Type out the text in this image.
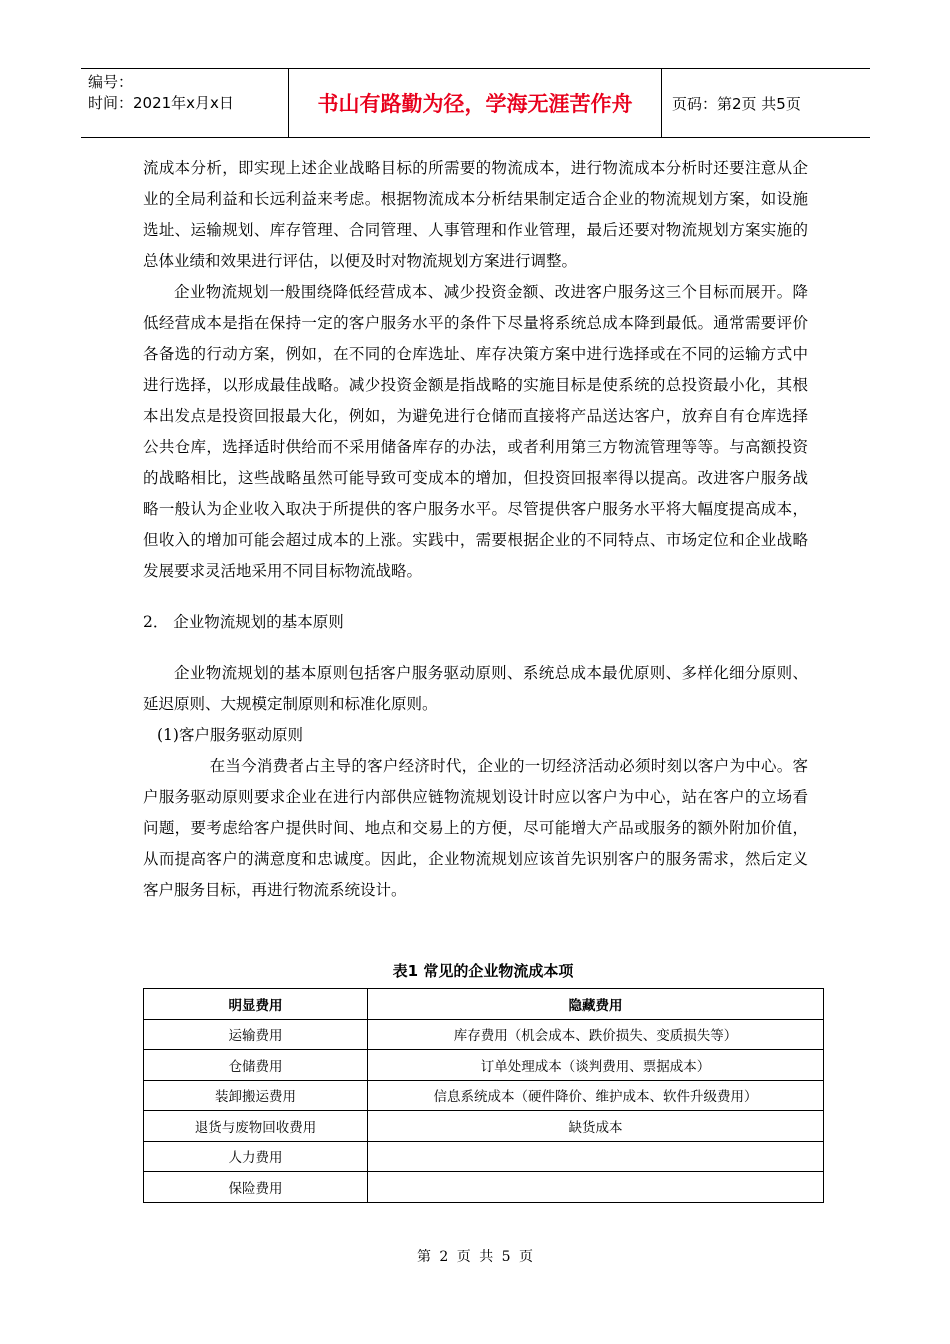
编号：
时间：2021年x月x日	书山有路勤为径，学海无涯苦作舟	页码：第2页 共5页

流成本分析，即实现上述企业战略目标的所需要的物流成本，进行物流成本分析时还要注意从企业的全局利益和长远利益来考虑。根据物流成本分析结果制定适合企业的物流规划方案，如设施选址、运输规划、库存管理、合同管理、人事管理和作业管理，最后还要对物流规划方案实施的总体业绩和效果进行评估，以便及时对物流规划方案进行调整。

企业物流规划一般围绕降低经营成本、减少投资金额、改进客户服务这三个目标而展开。降低经营成本是指在保持一定的客户服务水平的条件下尽量将系统总成本降到最低。通常需要评价各备选的行动方案，例如，在不同的仓库选址、库存决策方案中进行选择或在不同的运输方式中进行选择，以形成最佳战略。减少投资金额是指战略的实施目标是使系统的总投资最小化，其根本出发点是投资回报最大化，例如，为避免进行仓储而直接将产品送达客户，放弃自有仓库选择公共仓库，选择适时供给而不采用储备库存的办法，或者利用第三方物流管理等等。与高额投资的战略相比，这些战略虽然可能导致可变成本的增加，但投资回报率得以提高。改进客户服务战略一般认为企业收入取决于所提供的客户服务水平。尽管提供客户服务水平将大幅度提高成本，但收入的增加可能会超过成本的上涨。实践中，需要根据企业的不同特点、市场定位和企业战略发展要求灵活地采用不同目标物流战略。

2． 企业物流规划的基本原则

企业物流规划的基本原则包括客户服务驱动原则、系统总成本最优原则、多样化细分原则、延迟原则、大规模定制原则和标准化原则。

(1)客户服务驱动原则

在当今消费者占主导的客户经济时代，企业的一切经济活动必须时刻以客户为中心。客户服务驱动原则要求企业在进行内部供应链物流规划设计时应以客户为中心，站在客户的立场看问题，要考虑给客户提供时间、地点和交易上的方便，尽可能增大产品或服务的额外附加价值，从而提高客户的满意度和忠诚度。因此，企业物流规划应该首先识别客户的服务需求，然后定义客户服务目标，再进行物流系统设计。

表1 常见的企业物流成本项
明显费用	隐藏费用
运输费用	库存费用（机会成本、跌价损失、变质损失等）
仓储费用	订单处理成本（谈判费用、票据成本）
装卸搬运费用	信息系统成本（硬件降价、维护成本、软件升级费用）
退货与废物回收费用	缺货成本
人力费用	
保险费用	
第 2 页 共 5 页
